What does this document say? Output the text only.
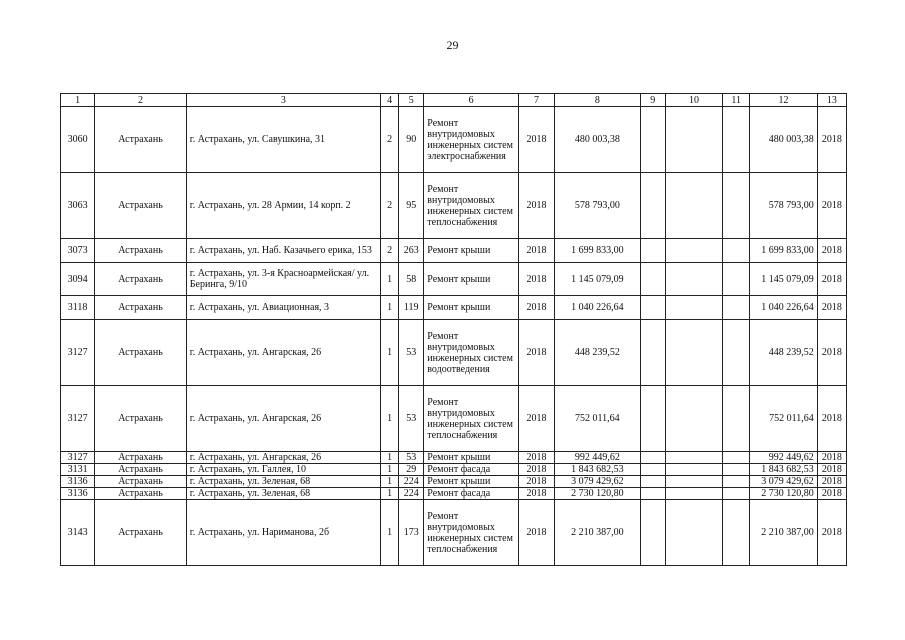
29
1	2	3	4	5	6	7	8	9	10	11	12	13
3060	Астрахань	г. Астрахань, ул. Савушкина, 31	2	90	Ремонт внутридомовых инженерных систем электроснабжения	2018	480 003,38				480 003,38	2018
3063	Астрахань	г. Астрахань, ул. 28 Армии, 14 корп. 2	2	95	Ремонт внутридомовых инженерных систем теплоснабжения	2018	578 793,00				578 793,00	2018
3073	Астрахань	г. Астрахань, ул. Наб. Казачьего ерика, 153	2	263	Ремонт крыши	2018	1 699 833,00				1 699 833,00	2018
3094	Астрахань	г. Астрахань, ул. 3-я Красноармейская/ ул. Беринга, 9/10	1	58	Ремонт крыши	2018	1 145 079,09				1 145 079,09	2018
3118	Астрахань	г. Астрахань, ул. Авиационная, 3	1	119	Ремонт крыши	2018	1 040 226,64				1 040 226,64	2018
3127	Астрахань	г. Астрахань, ул. Ангарская, 26	1	53	Ремонт внутридомовых инженерных систем водоотведения	2018	448 239,52				448 239,52	2018
3127	Астрахань	г. Астрахань, ул. Ангарская, 26	1	53	Ремонт внутридомовых инженерных систем теплоснабжения	2018	752 011,64				752 011,64	2018
3127	Астрахань	г. Астрахань, ул. Ангарская, 26	1	53	Ремонт крыши	2018	992 449,62				992 449,62	2018
3131	Астрахань	г. Астрахань, ул. Галлея, 10	1	29	Ремонт фасада	2018	1 843 682,53				1 843 682,53	2018
3136	Астрахань	г. Астрахань, ул. Зеленая, 68	1	224	Ремонт крыши	2018	3 079 429,62				3 079 429,62	2018
3136	Астрахань	г. Астрахань, ул. Зеленая, 68	1	224	Ремонт фасада	2018	2 730 120,80				2 730 120,80	2018
3143	Астрахань	г. Астрахань, ул. Нариманова, 2б	1	173	Ремонт внутридомовых инженерных систем теплоснабжения	2018	2 210 387,00				2 210 387,00	2018
